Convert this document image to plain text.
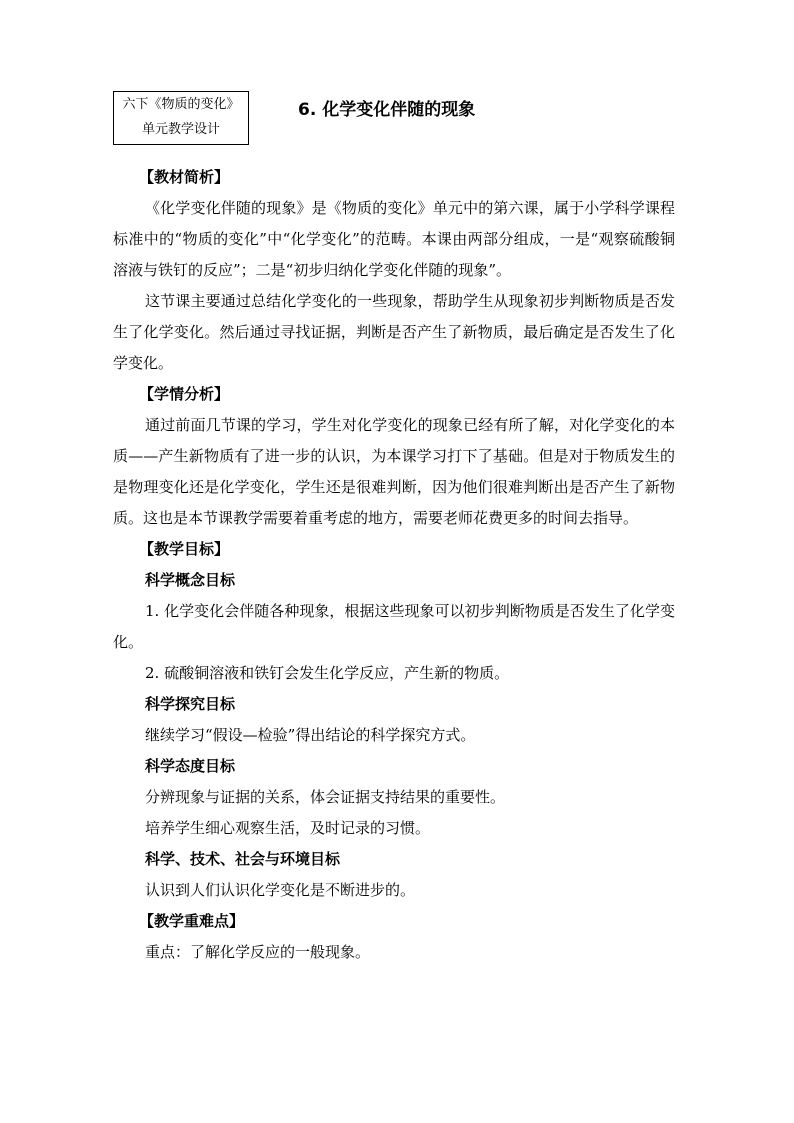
六下《物质的变化》
单元教学设计
6. 化学变化伴随的现象

【教材简析】

《化学变化伴随的现象》是《物质的变化》单元中的第六课，属于小学科学课程标准中的“物质的变化”中“化学变化”的范畴。本课由两部分组成，一是“观察硫酸铜溶液与铁钉的反应”；二是“初步归纳化学变化伴随的现象”。

这节课主要通过总结化学变化的一些现象，帮助学生从现象初步判断物质是否发生了化学变化。然后通过寻找证据，判断是否产生了新物质，最后确定是否发生了化学变化。

【学情分析】

通过前面几节课的学习，学生对化学变化的现象已经有所了解，对化学变化的本质——产生新物质有了进一步的认识，为本课学习打下了基础。但是对于物质发生的是物理变化还是化学变化，学生还是很难判断，因为他们很难判断出是否产生了新物质。这也是本节课教学需要着重考虑的地方，需要老师花费更多的时间去指导。

【教学目标】

科学概念目标

1. 化学变化会伴随各种现象，根据这些现象可以初步判断物质是否发生了化学变化。

2. 硫酸铜溶液和铁钉会发生化学反应，产生新的物质。

科学探究目标

继续学习“假设—检验”得出结论的科学探究方式。

科学态度目标

分辨现象与证据的关系，体会证据支持结果的重要性。

培养学生细心观察生活，及时记录的习惯。

科学、技术、社会与环境目标

认识到人们认识化学变化是不断进步的。

【教学重难点】

重点：了解化学反应的一般现象。
